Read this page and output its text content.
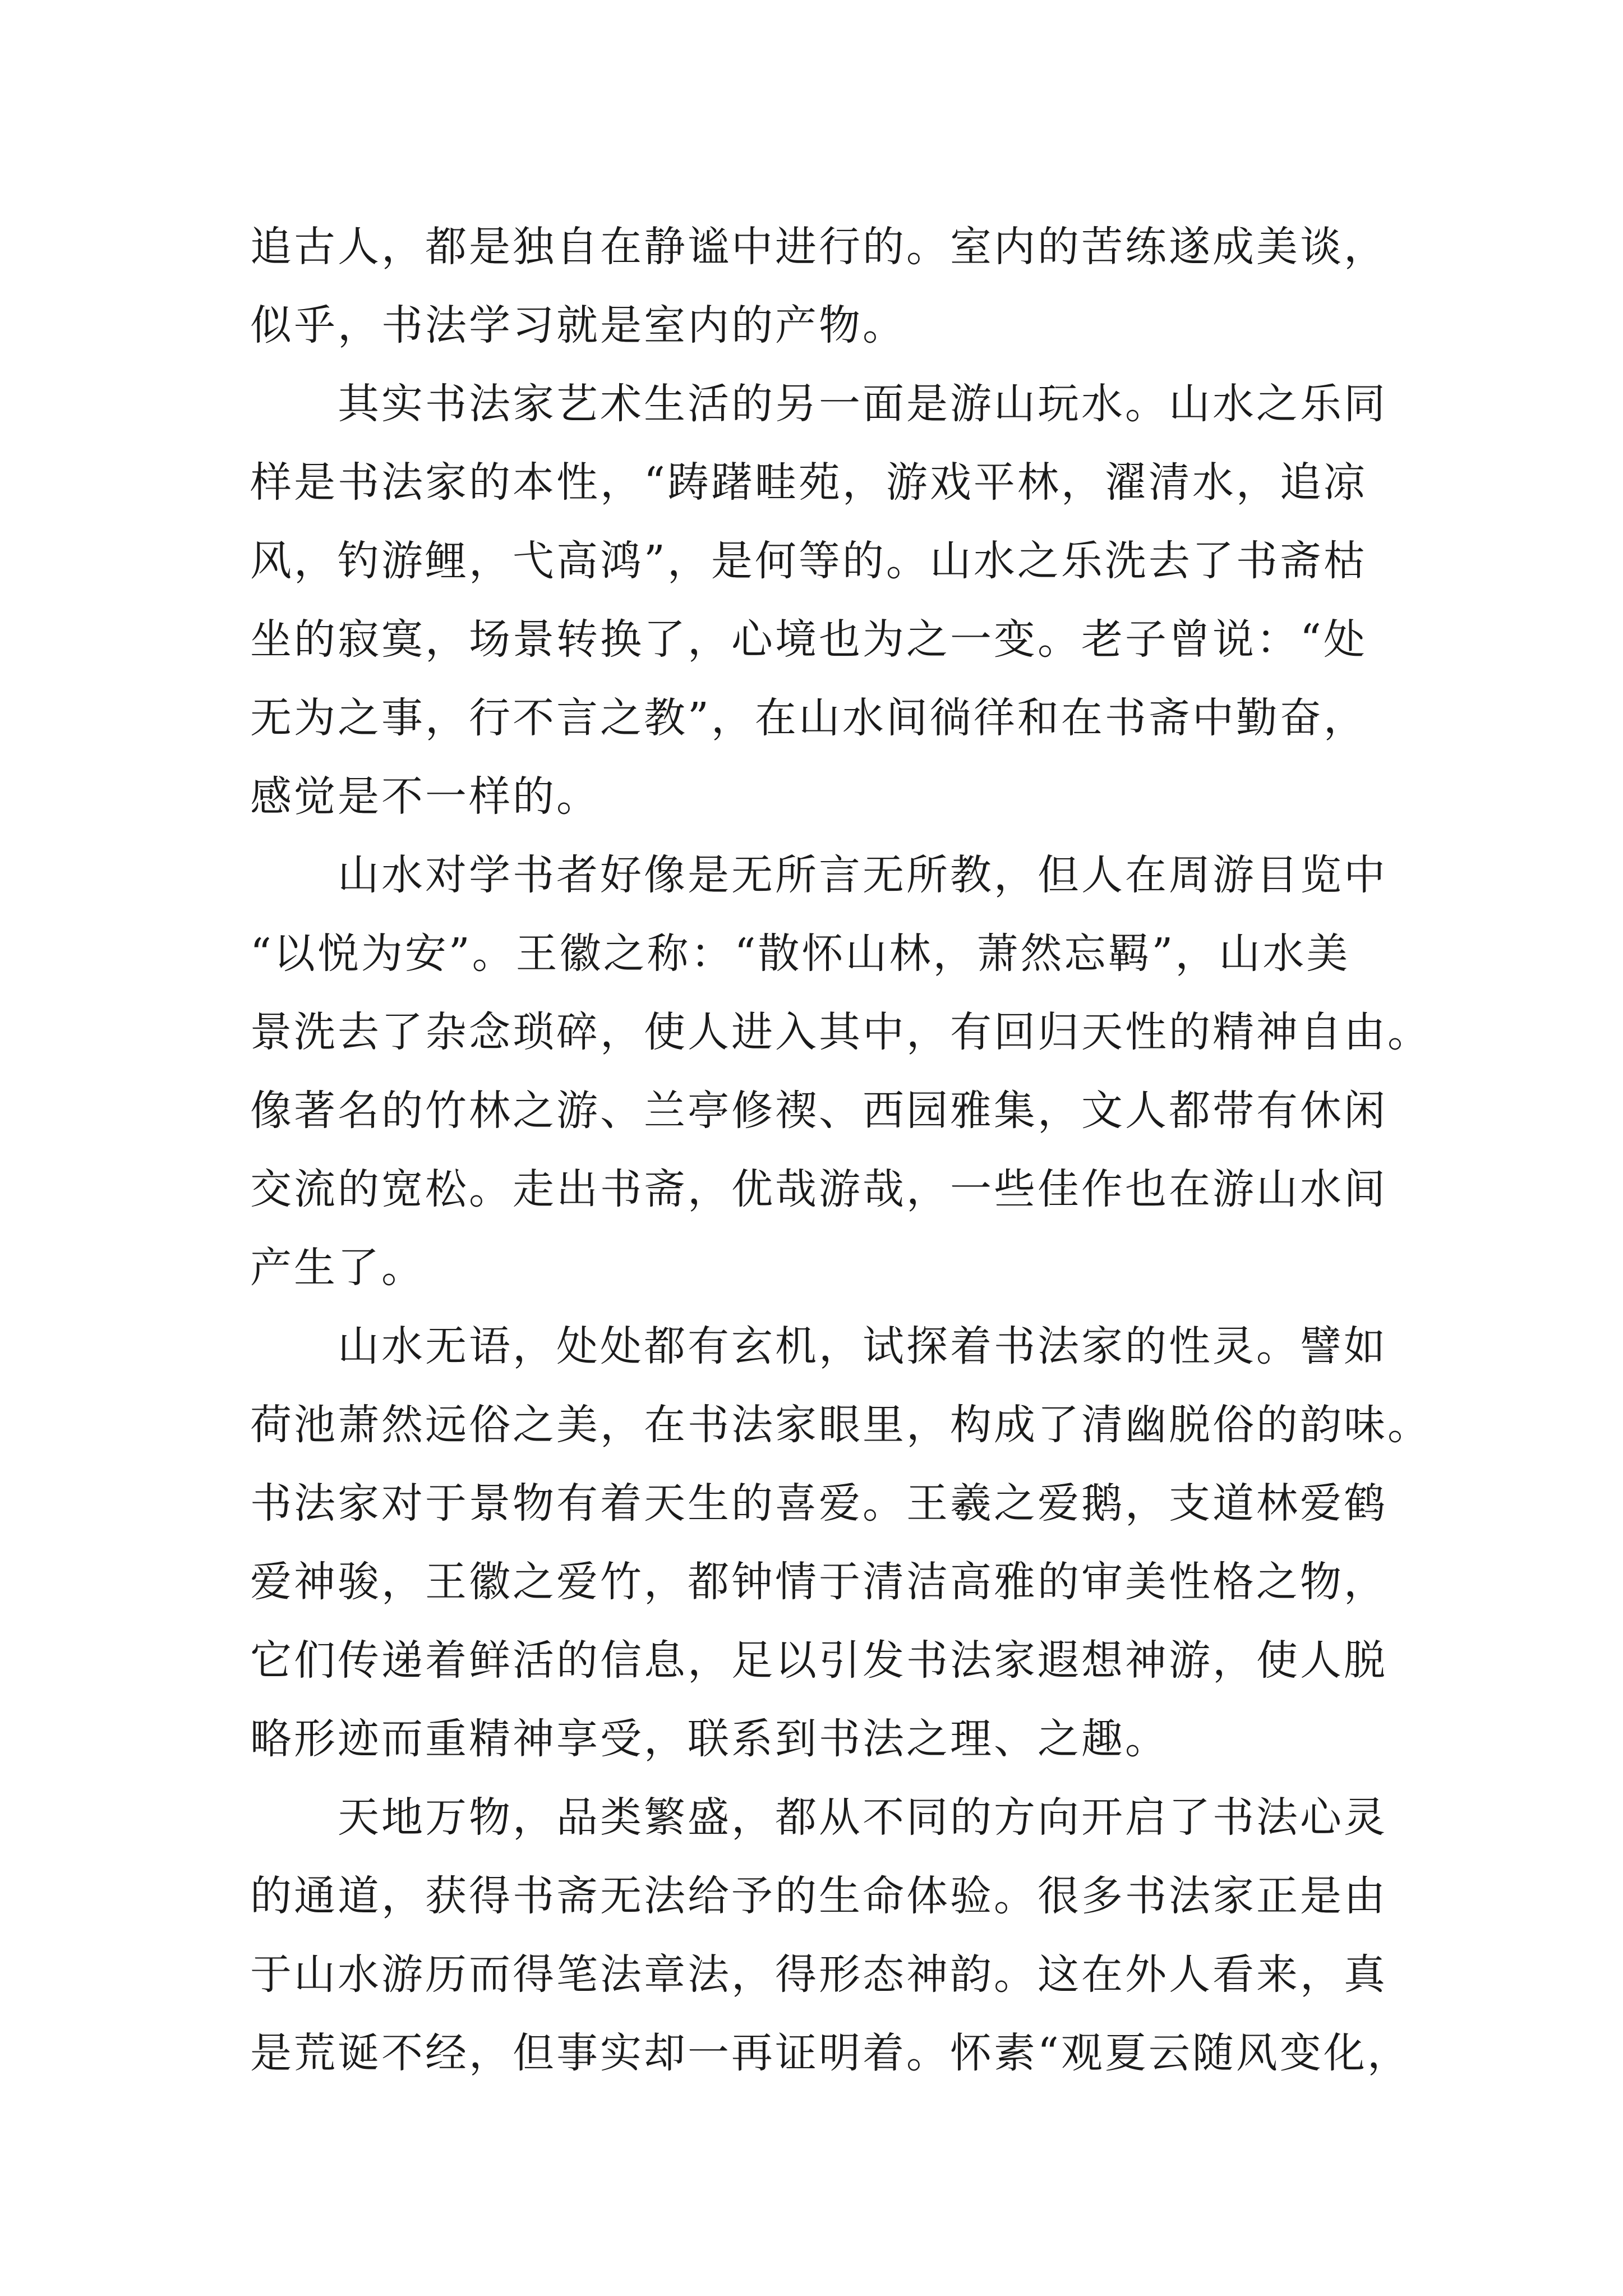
追古人，都是独自在静谧中进行的。室内的苦练遂成美谈，
似乎，书法学习就是室内的产物。
其实书法家艺术生活的另一面是游山玩水。山水之乐同
样是书法家的本性，“踌躇畦苑，游戏平林，濯清水，追凉
风，钓游鲤，弋高鸿”，是何等的。山水之乐洗去了书斋枯
坐的寂寞，场景转换了，心境也为之一变。老子曾说：“处
无为之事，行不言之教”，在山水间徜徉和在书斋中勤奋，
感觉是不一样的。
山水对学书者好像是无所言无所教，但人在周游目览中
“以悦为安”。王徽之称：“散怀山林，萧然忘羁”，山水美
景洗去了杂念琐碎，使人进入其中，有回归天性的精神自由。
像著名的竹林之游、兰亭修禊、西园雅集，文人都带有休闲
交流的宽松。走出书斋，优哉游哉，一些佳作也在游山水间
产生了。
山水无语，处处都有玄机，试探着书法家的性灵。譬如
荷池萧然远俗之美，在书法家眼里，构成了清幽脱俗的韵味。
书法家对于景物有着天生的喜爱。王羲之爱鹅，支道林爱鹤
爱神骏，王徽之爱竹，都钟情于清洁高雅的审美性格之物，
它们传递着鲜活的信息，足以引发书法家遐想神游，使人脱
略形迹而重精神享受，联系到书法之理、之趣。
天地万物，品类繁盛，都从不同的方向开启了书法心灵
的通道，获得书斋无法给予的生命体验。很多书法家正是由
于山水游历而得笔法章法，得形态神韵。这在外人看来，真
是荒诞不经，但事实却一再证明着。怀素“观夏云随风变化，
